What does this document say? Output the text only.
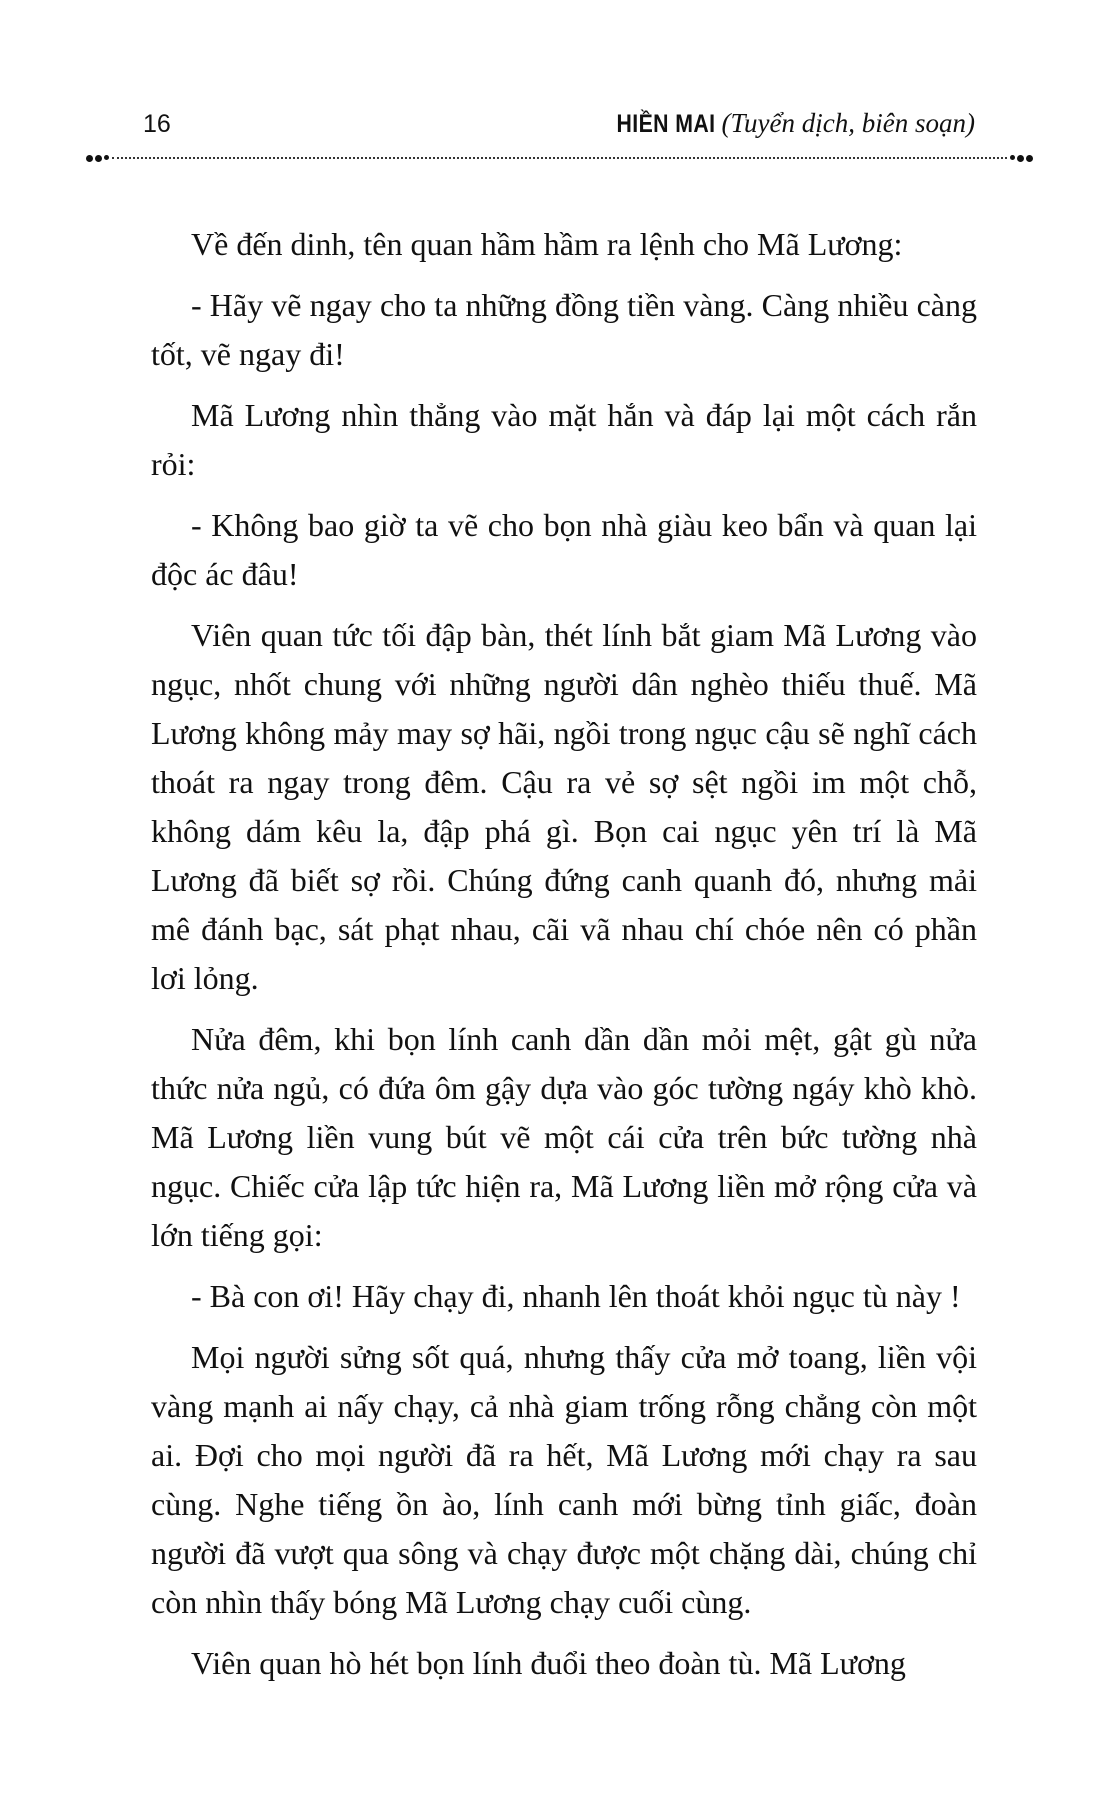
16	HIỀN MAI (Tuyển dịch, biên soạn)

Về đến dinh, tên quan hầm hầm ra lệnh cho Mã Lương:

- Hãy vẽ ngay cho ta những đồng tiền vàng. Càng nhiều càng tốt, vẽ ngay đi!

Mã Lương nhìn thẳng vào mặt hắn và đáp lại một cách rắn rỏi:

- Không bao giờ ta vẽ cho bọn nhà giàu keo bẩn và quan lại độc ác đâu!

Viên quan tức tối đập bàn, thét lính bắt giam Mã Lương vào ngục, nhốt chung với những người dân nghèo thiếu thuế. Mã Lương không mảy may sợ hãi, ngồi trong ngục cậu sẽ nghĩ cách thoát ra ngay trong đêm. Cậu ra vẻ sợ sệt ngồi im một chỗ, không dám kêu la, đập phá gì. Bọn cai ngục yên trí là Mã Lương đã biết sợ rồi. Chúng đứng canh quanh đó, nhưng mải mê đánh bạc, sát phạt nhau, cãi vã nhau chí chóe nên có phần lơi lỏng.

Nửa đêm, khi bọn lính canh dần dần mỏi mệt, gật gù nửa thức nửa ngủ, có đứa ôm gậy dựa vào góc tường ngáy khò khò. Mã Lương liền vung bút vẽ một cái cửa trên bức tường nhà ngục. Chiếc cửa lập tức hiện ra, Mã Lương liền mở rộng cửa và lớn tiếng gọi:

- Bà con ơi! Hãy chạy đi, nhanh lên thoát khỏi ngục tù này !

Mọi người sửng sốt quá, nhưng thấy cửa mở toang, liền vội vàng mạnh ai nấy chạy, cả nhà giam trống rỗng chẳng còn một ai. Đợi cho mọi người đã ra hết, Mã Lương mới chạy ra sau cùng. Nghe tiếng ồn ào, lính canh mới bừng tỉnh giấc, đoàn người đã vượt qua sông và chạy được một chặng dài, chúng chỉ còn nhìn thấy bóng Mã Lương chạy cuối cùng.

Viên quan hò hét bọn lính đuổi theo đoàn tù. Mã Lương
